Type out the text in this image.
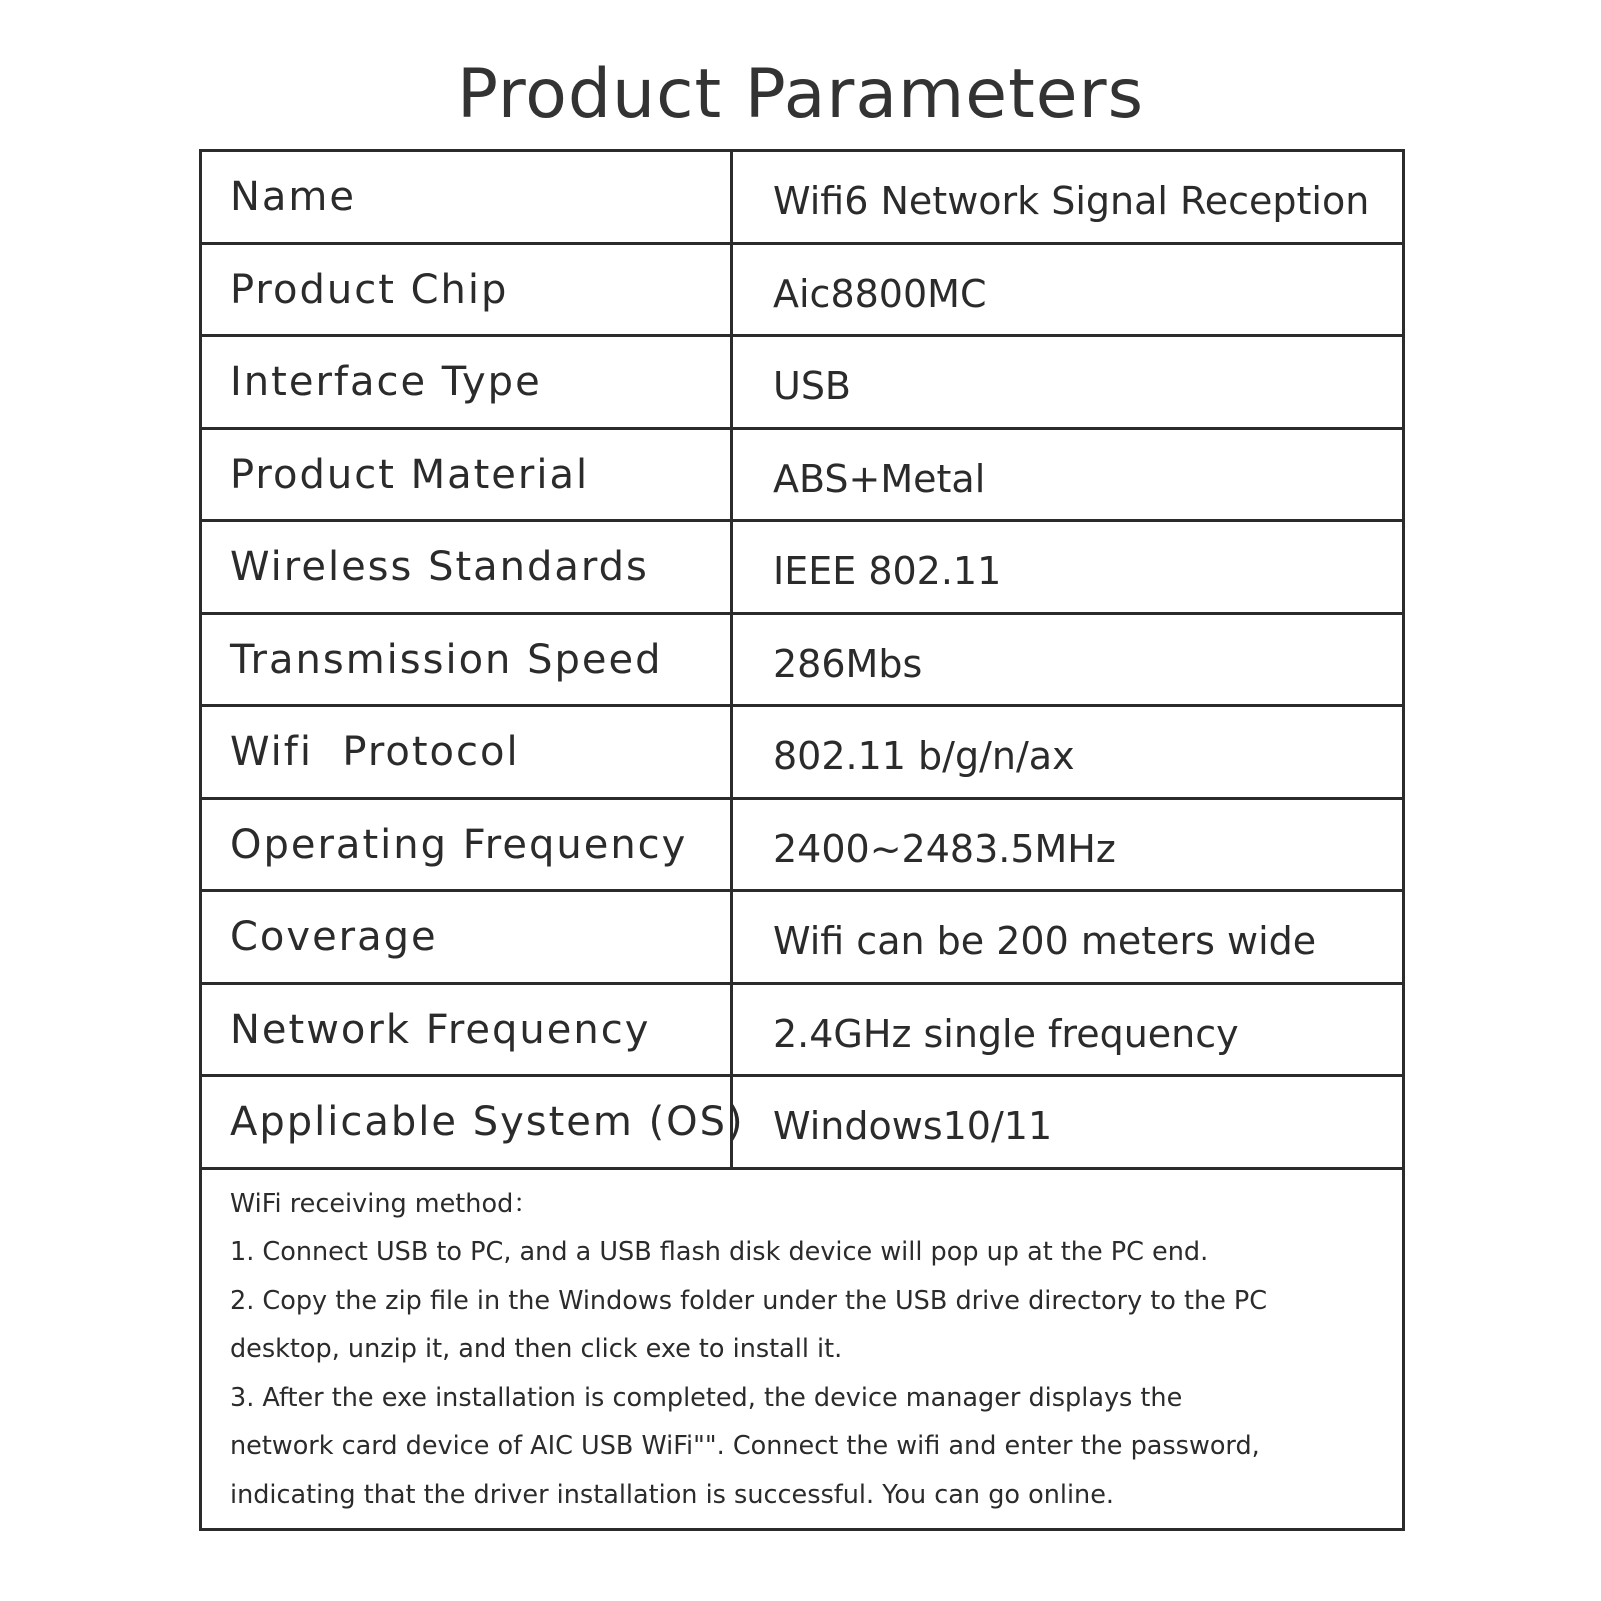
Product Parameters
Name	Wifi6 Network Signal Reception
Product Chip	Aic8800MC
Interface Type	USB
Product Material	ABS+Metal
Wireless Standards	IEEE 802.11
Transmission Speed	286Mbs
Wifi  Protocol	802.11 b/g/n/ax
Operating Frequency	2400~2483.5MHz
Coverage	Wifi can be 200 meters wide
Network Frequency	2.4GHz single frequency
Applicable System (OS) Windows10/11
WiFi receiving method：
1. Connect USB to PC, and a USB flash disk device will pop up at the PC end.
2. Copy the zip file in the Windows folder under the USB drive directory to the PC
desktop, unzip it, and then click exe to install it.
3. After the exe installation is completed, the device manager displays the
network card device of AIC USB WiFi"". Connect the wifi and enter the password,
indicating that the driver installation is successful. You can go online.
